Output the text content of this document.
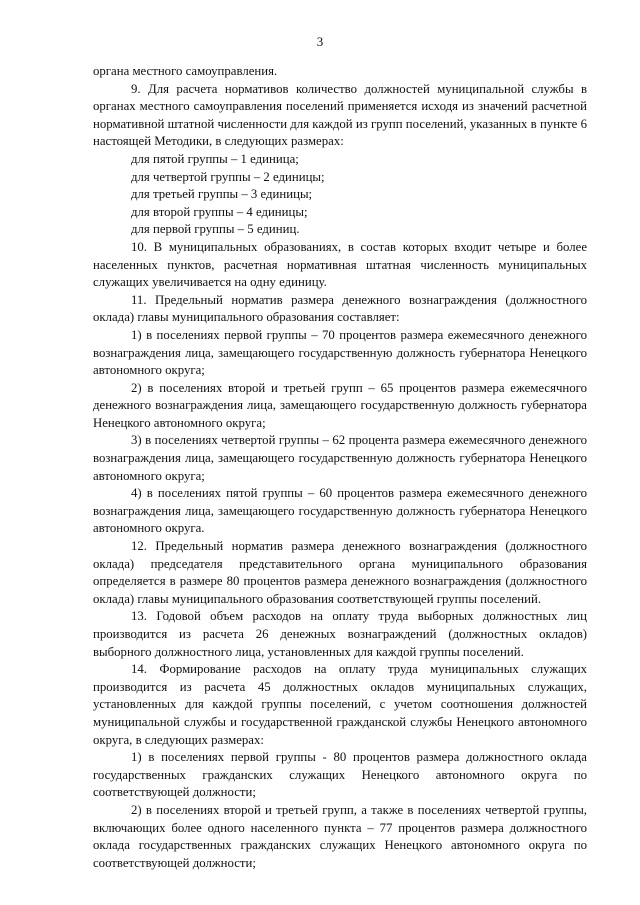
3

органа местного самоуправления.

9. Для расчета нормативов количество должностей муниципальной службы в органах местного самоуправления поселений применяется исходя из значений расчетной нормативной штатной численности для каждой из групп поселений, указанных в пункте 6 настоящей Методики, в следующих размерах:

для пятой группы – 1 единица;

для четвертой группы – 2 единицы;

для третьей группы – 3 единицы;

для второй группы – 4 единицы;

для первой группы – 5 единиц.

10. В муниципальных образованиях, в состав которых входит четыре и более населенных пунктов, расчетная нормативная штатная численность муниципальных служащих увеличивается на одну единицу.

11. Предельный норматив размера денежного вознаграждения (должностного оклада) главы муниципального образования составляет:

1) в поселениях первой группы – 70 процентов размера ежемесячного денежного вознаграждения лица, замещающего государственную должность губернатора Ненецкого автономного округа;

2) в поселениях второй и третьей групп – 65 процентов размера ежемесячного денежного вознаграждения лица, замещающего государственную должность губернатора Ненецкого автономного округа;

3) в поселениях четвертой группы – 62 процента размера ежемесячного денежного вознаграждения лица, замещающего государственную должность губернатора Ненецкого автономного округа;

4) в поселениях пятой группы – 60 процентов размера ежемесячного денежного вознаграждения лица, замещающего государственную должность губернатора Ненецкого автономного округа.

12. Предельный норматив размера денежного вознаграждения (должностного оклада) председателя представительного органа муниципального образования определяется в размере 80 процентов размера денежного вознаграждения (должностного оклада) главы муниципального образования соответствующей группы поселений.

13. Годовой объем расходов на оплату труда выборных должностных лиц производится из расчета 26 денежных вознаграждений (должностных окладов) выборного должностного лица, установленных для каждой группы поселений.

14. Формирование расходов на оплату труда муниципальных служащих производится из расчета 45 должностных окладов муниципальных служащих, установленных для каждой группы поселений, с учетом соотношения должностей муниципальной службы и государственной гражданской службы Ненецкого автономного округа, в следующих размерах:

1) в поселениях первой группы - 80 процентов размера должностного оклада государственных гражданских служащих Ненецкого автономного округа по соответствующей должности;

2) в поселениях второй и третьей групп, а также в поселениях четвертой группы, включающих более одного населенного пункта – 77 процентов размера должностного оклада государственных гражданских служащих Ненецкого автономного округа по соответствующей должности;
